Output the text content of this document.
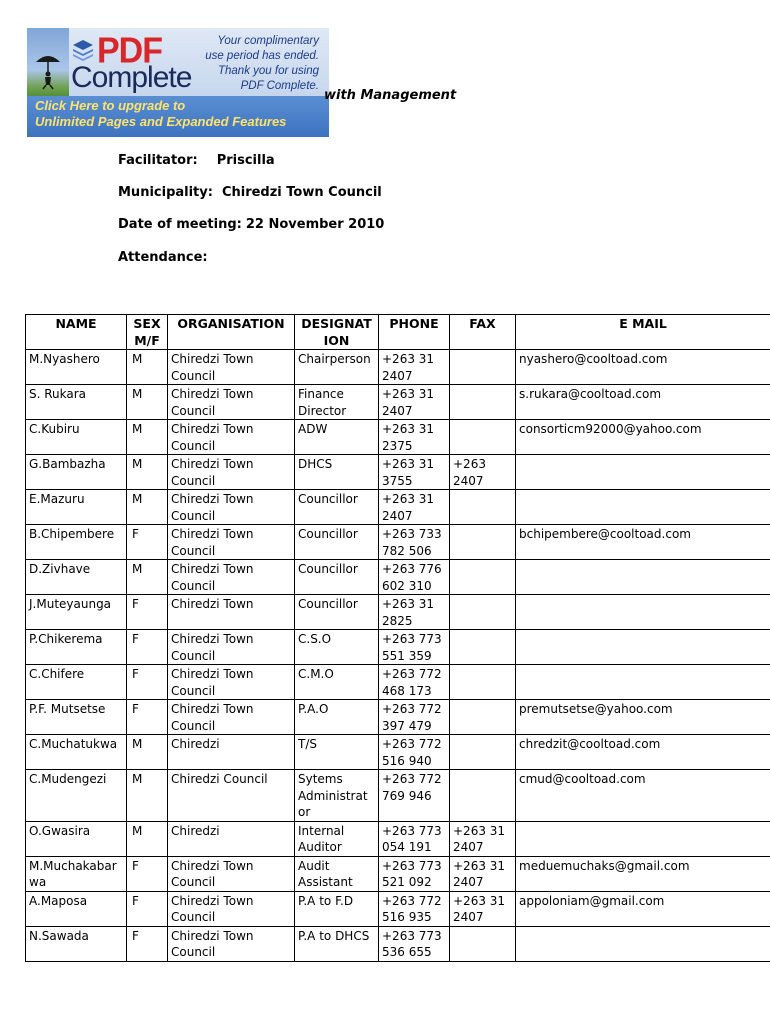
PDF
Complete
Your complimentary
use period has ended.
Thank you for using
PDF Complete.
Click Here to upgrade to
Unlimited Pages and Expanded Features
with Management
Facilitator: Priscilla
Municipality: Chiredzi Town Council
Date of meeting: 22 November 2010
Attendance:
NAME	SEX M/F	ORGANISATION	DESIGNAT ION	PHONE	FAX	E MAIL
M.Nyashero	M	Chiredzi Town Council	Chairperson	+263 31 2407		nyashero@cooltoad.com
S. Rukara	M	Chiredzi Town Council	Finance Director	+263 31 2407		s.rukara@cooltoad.com
C.Kubiru	M	Chiredzi Town Council	ADW	+263 31 2375		consorticm92000@yahoo.com
G.Bambazha	M	Chiredzi Town Council	DHCS	+263 31 3755	+263 2407	
E.Mazuru	M	Chiredzi Town Council	Councillor	+263 31 2407		
B.Chipembere	F	Chiredzi Town Council	Councillor	+263 733 782 506		bchipembere@cooltoad.com
D.Zivhave	M	Chiredzi Town Council	Councillor	+263 776 602 310		
J.Muteyaunga	F	Chiredzi Town	Councillor	+263 31 2825		
P.Chikerema	F	Chiredzi Town Council	C.S.O	+263 773 551 359		
C.Chifere	F	Chiredzi Town Council	C.M.O	+263 772 468 173		
P.F. Mutsetse	F	Chiredzi Town Council	P.A.O	+263 772 397 479		premutsetse@yahoo.com
C.Muchatukwa	M	Chiredzi	T/S	+263 772 516 940		chredzit@cooltoad.com
C.Mudengezi	M	Chiredzi Council	Sytems Administrat or	+263 772 769 946		cmud@cooltoad.com
O.Gwasira	M	Chiredzi	Internal Auditor	+263 773 054 191	+263 31 2407	
M.Muchakabar wa	F	Chiredzi Town Council	Audit Assistant	+263 773 521 092	+263 31 2407	meduemuchaks@gmail.com
A.Maposa	F	Chiredzi Town Council	P.A to F.D	+263 772 516 935	+263 31 2407	appoloniam@gmail.com
N.Sawada	F	Chiredzi Town Council	P.A to DHCS	+263 773 536 655		
